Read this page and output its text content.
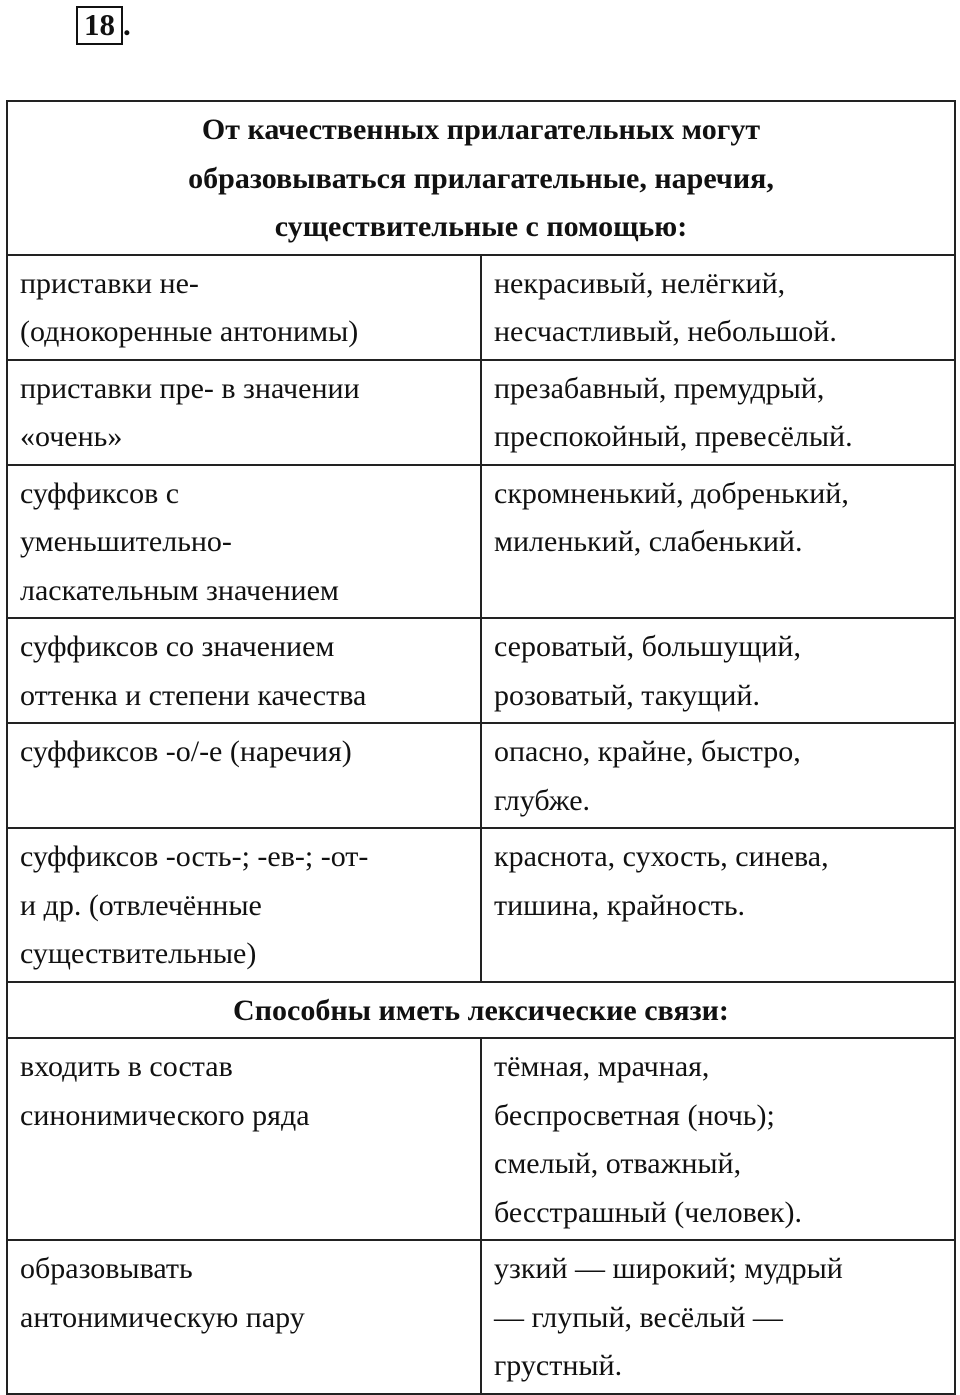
18 .
От качественных прилагательных могут
образовываться прилагательные, наречия,
существительные с помощью:	

приставки не-
(однокоренные антонимы)	некрасивый, нелёгкий,
несчастливый, небольшой.

приставки пре- в значении
«очень»	презабавный, премудрый,
преспокойный, превесёлый.

суффиксов с
уменьшительно-
ласкательным значением	скромненький, добренький,
миленький, слабенький.

суффиксов со значением
оттенка и степени качества	сероватый, большущий,
розоватый, такущий.

суффиксов -о/-е (наречия)	опасно, крайне, быстро,
глубже.

суффиксов -ость-; -ев-; -от-
и др. (отвлечённые
существительные)	краснота, сухость, синева,
тишина, крайность.

Способны иметь лексические связи:	

входить в состав
синонимического ряда	тёмная, мрачная,
беспросветная (ночь);
смелый, отважный,
бесстрашный (человек).

образовывать
антонимическую пару	узкий — широкий; мудрый
— глупый, весёлый —
грустный.
